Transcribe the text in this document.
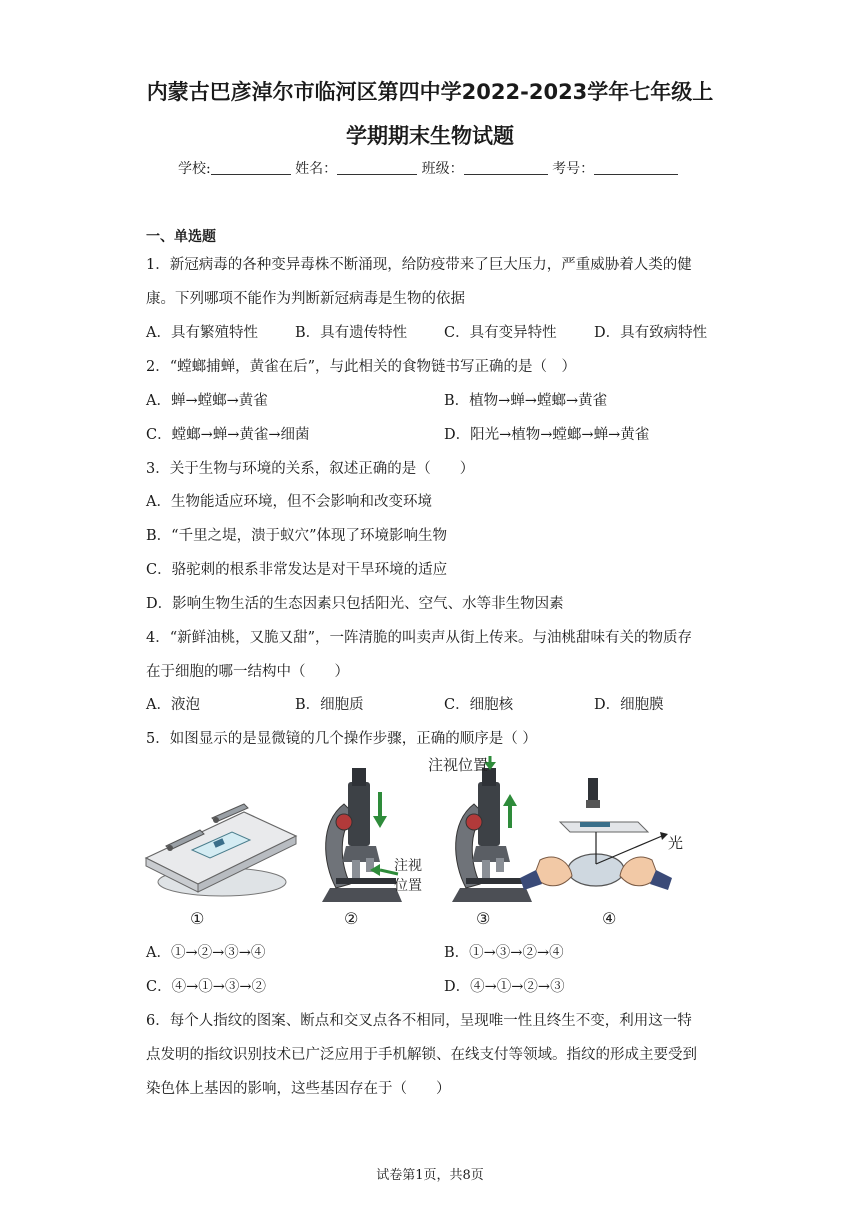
内蒙古巴彦淖尔市临河区第四中学2022-2023学年七年级上
学期期末生物试题
学校:	姓名：	班级：	考号：
一、单选题
1．新冠病毒的各种变异毒株不断涌现，给防疫带来了巨大压力，严重威胁着人类的健
康。下列哪项不能作为判断新冠病毒是生物的依据
A．具有繁殖特性	B．具有遗传特性	C．具有变异特性	D．具有致病特性
2．“螳螂捕蝉，黄雀在后”，与此相关的食物链书写正确的是（　）
A．蝉→螳螂→黄雀	B．植物→蝉→螳螂→黄雀
C．螳螂→蝉→黄雀→细菌	D．阳光→植物→螳螂→蝉→黄雀
3．关于生物与环境的关系，叙述正确的是（　　）
A．生物能适应环境，但不会影响和改变环境
B．“千里之堤，溃于蚁穴”体现了环境影响生物
C．骆驼刺的根系非常发达是对干旱环境的适应
D．影响生物生活的生态因素只包括阳光、空气、水等非生物因素
4．“新鲜油桃，又脆又甜”，一阵清脆的叫卖声从街上传来。与油桃甜味有关的物质存
在于细胞的哪一结构中（　　）
A．液泡	B．细胞质	C．细胞核	D．细胞膜
5．如图显示的是显微镜的几个操作步骤，正确的顺序是（ ）
①
注视
位置
②
注视位置
③
光
④
A．①→②→③→④	B．①→③→②→④
C．④→①→③→②	D．④→①→②→③
6．每个人指纹的图案、断点和交叉点各不相同，呈现唯一性且终生不变，利用这一特
点发明的指纹识别技术已广泛应用于手机解锁、在线支付等领域。指纹的形成主要受到
染色体上基因的影响，这些基因存在于（　　）
试卷第1页，共8页
